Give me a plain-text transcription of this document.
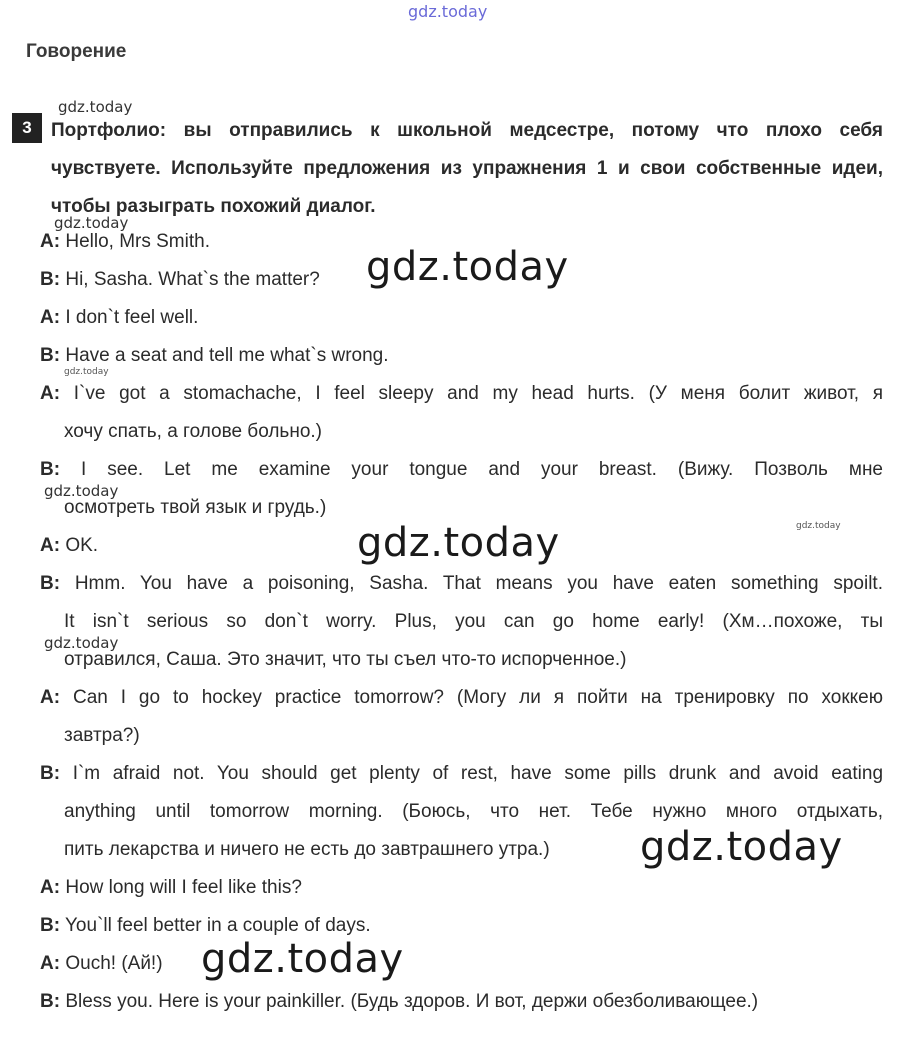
gdz.today
gdz.today
gdz.today
gdz.today
gdz.today
gdz.today
gdz.today
gdz.today
gdz.today
gdz.today
gdz.today
Говорение
3	Портфолио: вы отправились к школьной медсестре, потому что плохо себя чувствуете. Используйте предложения из упражнения 1 и свои собственные идеи, чтобы разыграть похожий диалог.
A: Hello, Mrs Smith.
B: Hi, Sasha. What`s the matter?
A: I don`t feel well.
B: Have a seat and tell me what`s wrong.
A: I`ve got a stomachache, I feel sleepy and my head hurts. (У меня болит живот, я
хочу спать, а голове больно.)
B: I see. Let me examine your tongue and your breast. (Вижу. Позволь мне
осмотреть твой язык и грудь.)
A: OK.
B: Hmm. You have a poisoning, Sasha. That means you have eaten something spoilt.
It isn`t serious so don`t worry. Plus, you can go home early! (Хм…похоже, ты
отравился, Саша. Это значит, что ты съел что-то испорченное.)
A: Can I go to hockey practice tomorrow? (Могу ли я пойти на тренировку по хоккею
завтра?)
B: I`m afraid not. You should get plenty of rest, have some pills drunk and avoid eating
anything until tomorrow morning. (Боюсь, что нет. Тебе нужно много отдыхать,
пить лекарства и ничего не есть до завтрашнего утра.)
A: How long will I feel like this?
B: You`ll feel better in a couple of days.
A: Ouch! (Ай!)
B: Bless you. Here is your painkiller. (Будь здоров. И вот, держи обезболивающее.)
